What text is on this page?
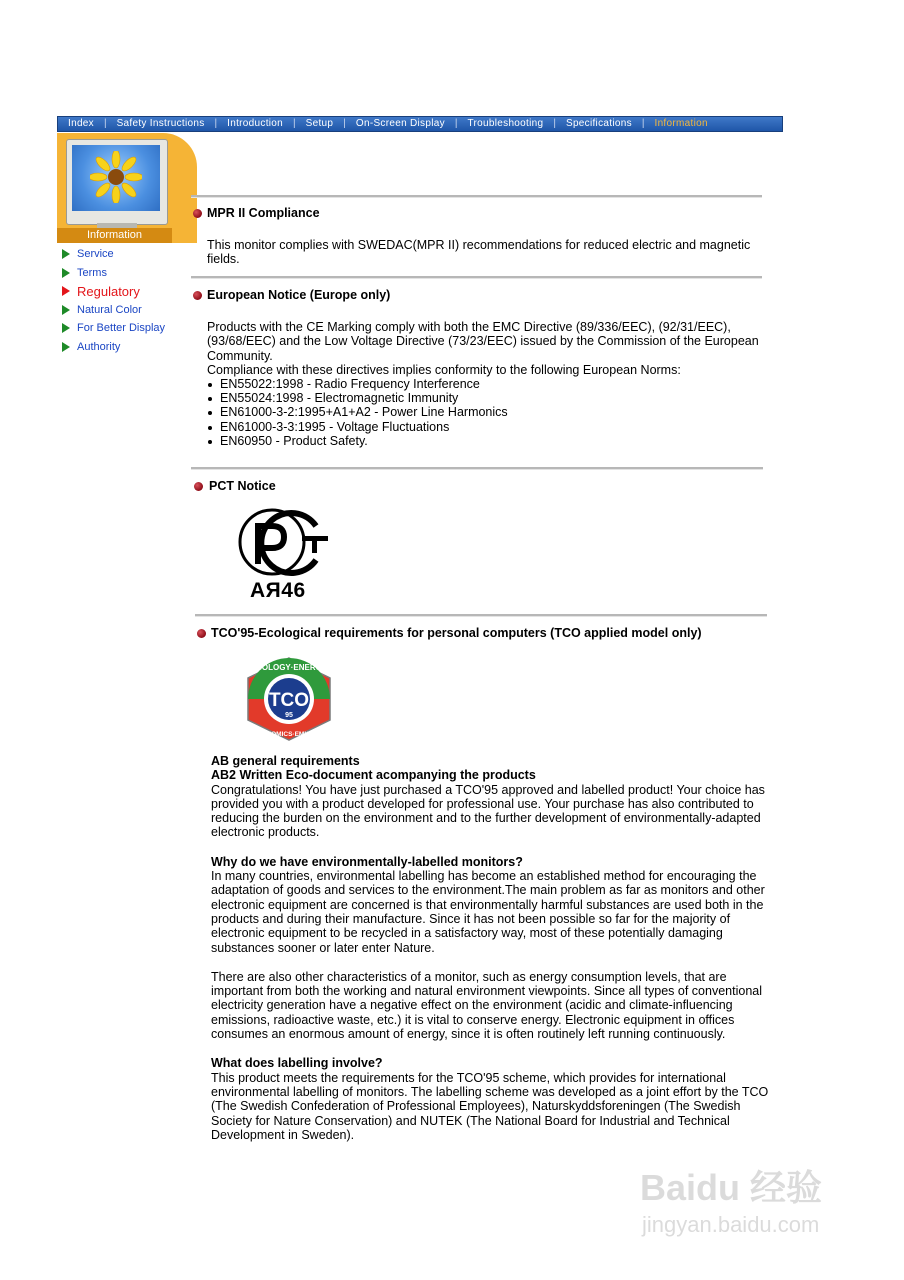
Index	|	Safety Instructions	|	Introduction	|	Setup	|	On-Screen Display	|	Troubleshooting	|	Specifications	|	Information
Information
Service
Terms
Regulatory
Natural Color
For Better Display
Authority
MPR II Compliance
This monitor complies with SWEDAC(MPR II) recommendations for reduced electric and magnetic fields.
European Notice (Europe only)

Products with the CE Marking comply with both the EMC Directive (89/336/EEC), (92/31/EEC), (93/68/EEC) and the Low Voltage Directive (73/23/EEC) issued by the Commission of the European Community.

Compliance with these directives implies conformity to the following European Norms:

EN55022:1998 - Radio Frequency Interference
EN55024:1998 - Electromagnetic Immunity
EN61000-3-2:1995+A1+A2 - Power Line Harmonics
EN61000-3-3:1995 - Voltage Fluctuations
EN60950 - Product Safety.
PCT Notice
АЯ46
TCO'95-Ecological requirements for personal computers (TCO applied model only)
TCO
95
ECOLOGY·ENERGY
ERGONOMICS·EMISSIONS

AB general requirements

AB2 Written Eco-document acompanying the products

Congratulations! You have just purchased a TCO'95 approved and labelled product! Your choice has provided you with a product developed for professional use. Your purchase has also contributed to reducing the burden on the environment and to the further development of environmentally-adapted electronic products.

Why do we have environmentally-labelled monitors?

In many countries, environmental labelling has become an established method for encouraging the adaptation of goods and services to the environment.The main problem as far as monitors and other electronic equipment are concerned is that environmentally harmful substances are used both in the products and during their manufacture. Since it has not been possible so far for the majority of electronic equipment to be recycled in a satisfactory way, most of these potentially damaging substances sooner or later enter Nature.

There are also other characteristics of a monitor, such as energy consumption levels, that are important from both the working and natural environment viewpoints. Since all types of conventional electricity generation have a negative effect on the environment (acidic and climate-influencing emissions, radioactive waste, etc.) it is vital to conserve energy. Electronic equipment in offices consumes an enormous amount of energy, since it is often routinely left running continuously.

What does labelling involve?

This product meets the requirements for the TCO'95 scheme, which provides for international environmental labelling of monitors. The labelling scheme was developed as a joint effort by the TCO (The Swedish Confederation of Professional Employees), Naturskyddsforeningen (The Swedish Society for Nature Conservation) and NUTEK (The National Board for Industrial and Technical Development in Sweden).

Baidu 经验
jingyan.baidu.com
